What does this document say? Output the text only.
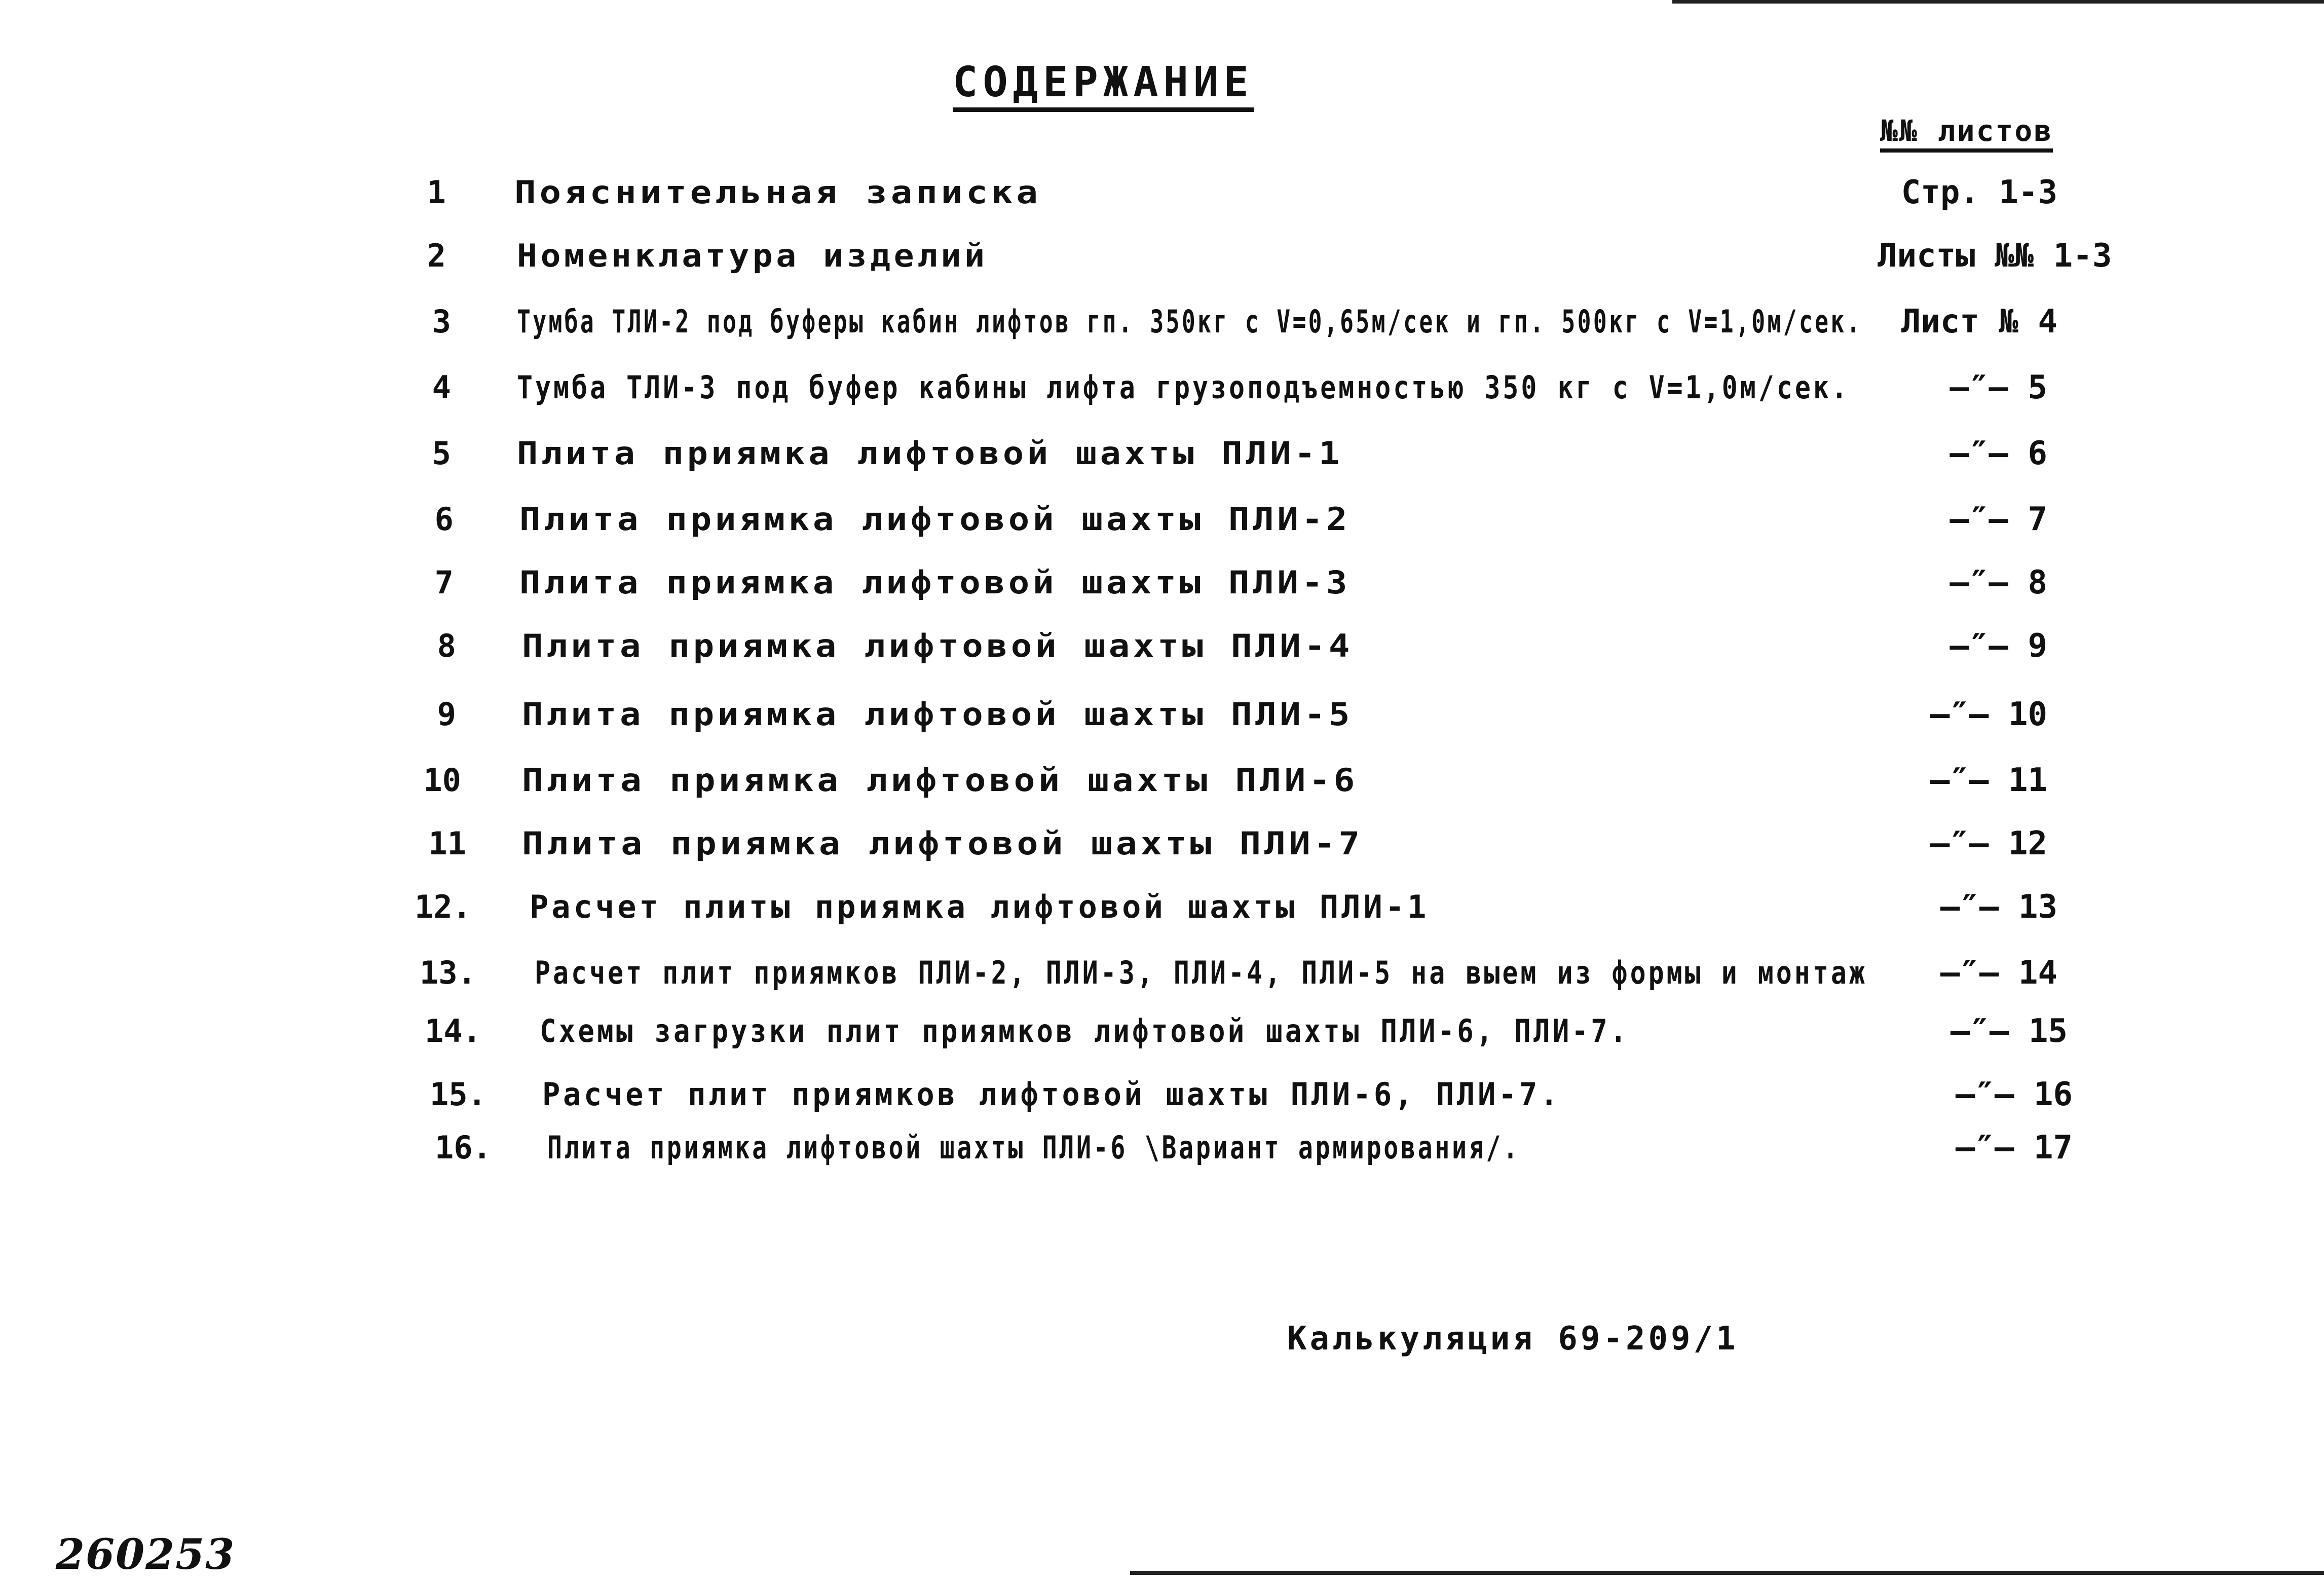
СОДЕРЖАНИЕ
№№ листов
1 Пояснительная записка	Стр. 1-3
2 Номенклатура изделий	Листы №№ 1-3
3 Тумба ТЛИ-2 под буферы кабин лифтов гп. 350кг с V=0,65м/сек и гп. 500кг с V=1,0м/сек.	Лист № 4
4 Тумба ТЛИ-3 под буфер кабины лифта грузоподъемностью 350 кг с V=1,0м/сек.	—″— 5
5 Плита приямка лифтовой шахты ПЛИ-1	—″— 6
6 Плита приямка лифтовой шахты ПЛИ-2	—″— 7
7 Плита приямка лифтовой шахты ПЛИ-3	—″— 8
8 Плита приямка лифтовой шахты ПЛИ-4	—″— 9
9 Плита приямка лифтовой шахты ПЛИ-5	—″— 10
10 Плита приямка лифтовой шахты ПЛИ-6	—″— 11
11 Плита приямка лифтовой шахты ПЛИ-7	—″— 12
12. Расчет плиты приямка лифтовой шахты ПЛИ-1	—″— 13
13. Расчет плит приямков ПЛИ-2, ПЛИ-3, ПЛИ-4, ПЛИ-5 на выем из формы и монтаж	—″— 14
14. Схемы загрузки плит приямков лифтовой шахты ПЛИ-6, ПЛИ-7.	—″— 15
15. Расчет плит приямков лифтовой шахты ПЛИ-6, ПЛИ-7.	—″— 16
16. Плита приямка лифтовой шахты ПЛИ-6 \Вариант армирования/.	—″— 17
Калькуляция 69-209/1
260253
